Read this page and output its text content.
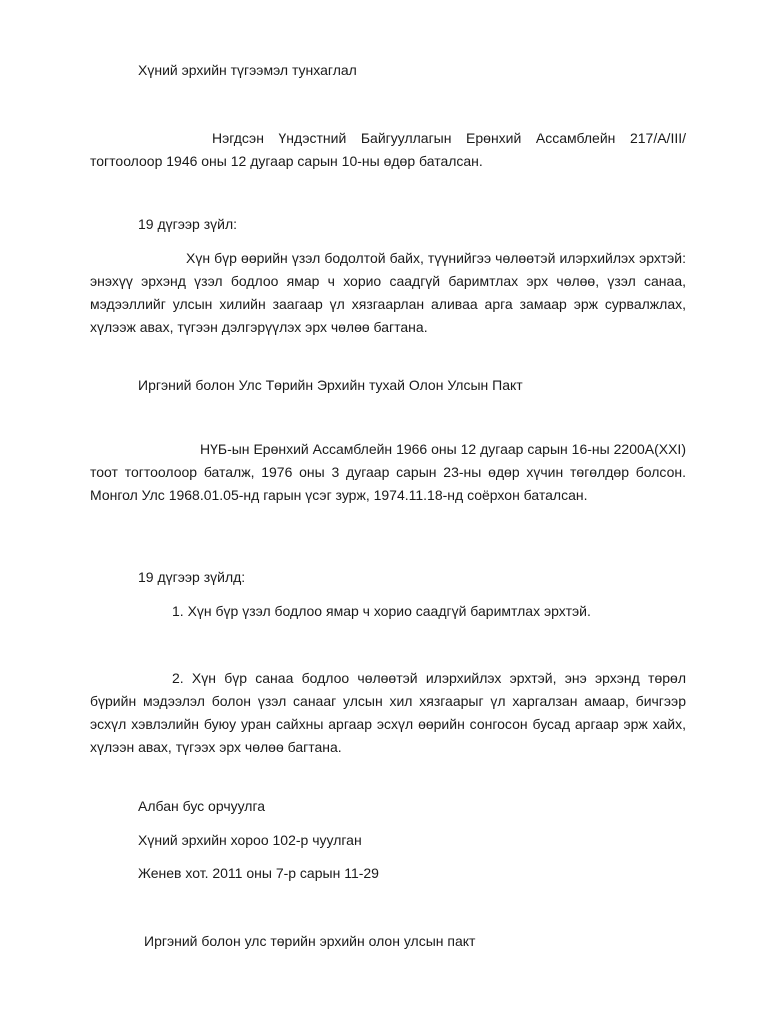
Хүний эрхийн түгээмэл тунхаглал

Нэгдсэн Үндэстний Байгууллагын Ерөнхий Ассамблейн 217/А/III/ тогтоолоор 1946 оны 12 дугаар сарын 10-ны өдөр баталсан.

19 дүгээр зүйл:

Хүн бүр өөрийн үзэл бодолтой байх, түүнийгээ чөлөөтэй илэрхийлэх эрхтэй: энэхүү эрхэнд үзэл бодлоо ямар ч хорио саадгүй баримтлах эрх чөлөө, үзэл санаа, мэдээллийг улсын хилийн заагаар үл хязгаарлан аливаа арга замаар эрж сурвалжлах, хүлээж авах, түгээн дэлгэрүүлэх эрх чөлөө багтана.

Иргэний болон Улс Төрийн Эрхийн тухай Олон Улсын Пакт

НҮБ-ын Ерөнхий Ассамблейн 1966 оны 12 дугаар сарын 16-ны 2200А(XXI) тоот тогтоолоор баталж, 1976 оны 3 дугаар сарын 23-ны өдөр хүчин төгөлдөр болсон. Монгол Улс 1968.01.05-нд гарын үсэг зурж, 1974.11.18-нд соёрхон баталсан.

19 дүгээр зүйлд:

1. Хүн бүр үзэл бодлоо ямар ч хорио саадгүй баримтлах эрхтэй.

2. Хүн бүр санаа бодлоо чөлөөтэй илэрхийлэх эрхтэй, энэ эрхэнд төрөл бүрийн мэдээлэл болон үзэл санааг улсын хил хязгаарыг үл харгалзан амаар, бичгээр эсхүл хэвлэлийн буюу уран сайхны аргаар эсхүл өөрийн сонгосон бусад аргаар эрж хайх, хүлээн авах, түгээх эрх чөлөө багтана.

Албан бус орчуулга

Хүний эрхийн хороо 102-р чуулган

Женев хот. 2011 оны 7-р сарын 11-29

Иргэний болон улс төрийн эрхийн олон улсын пакт
